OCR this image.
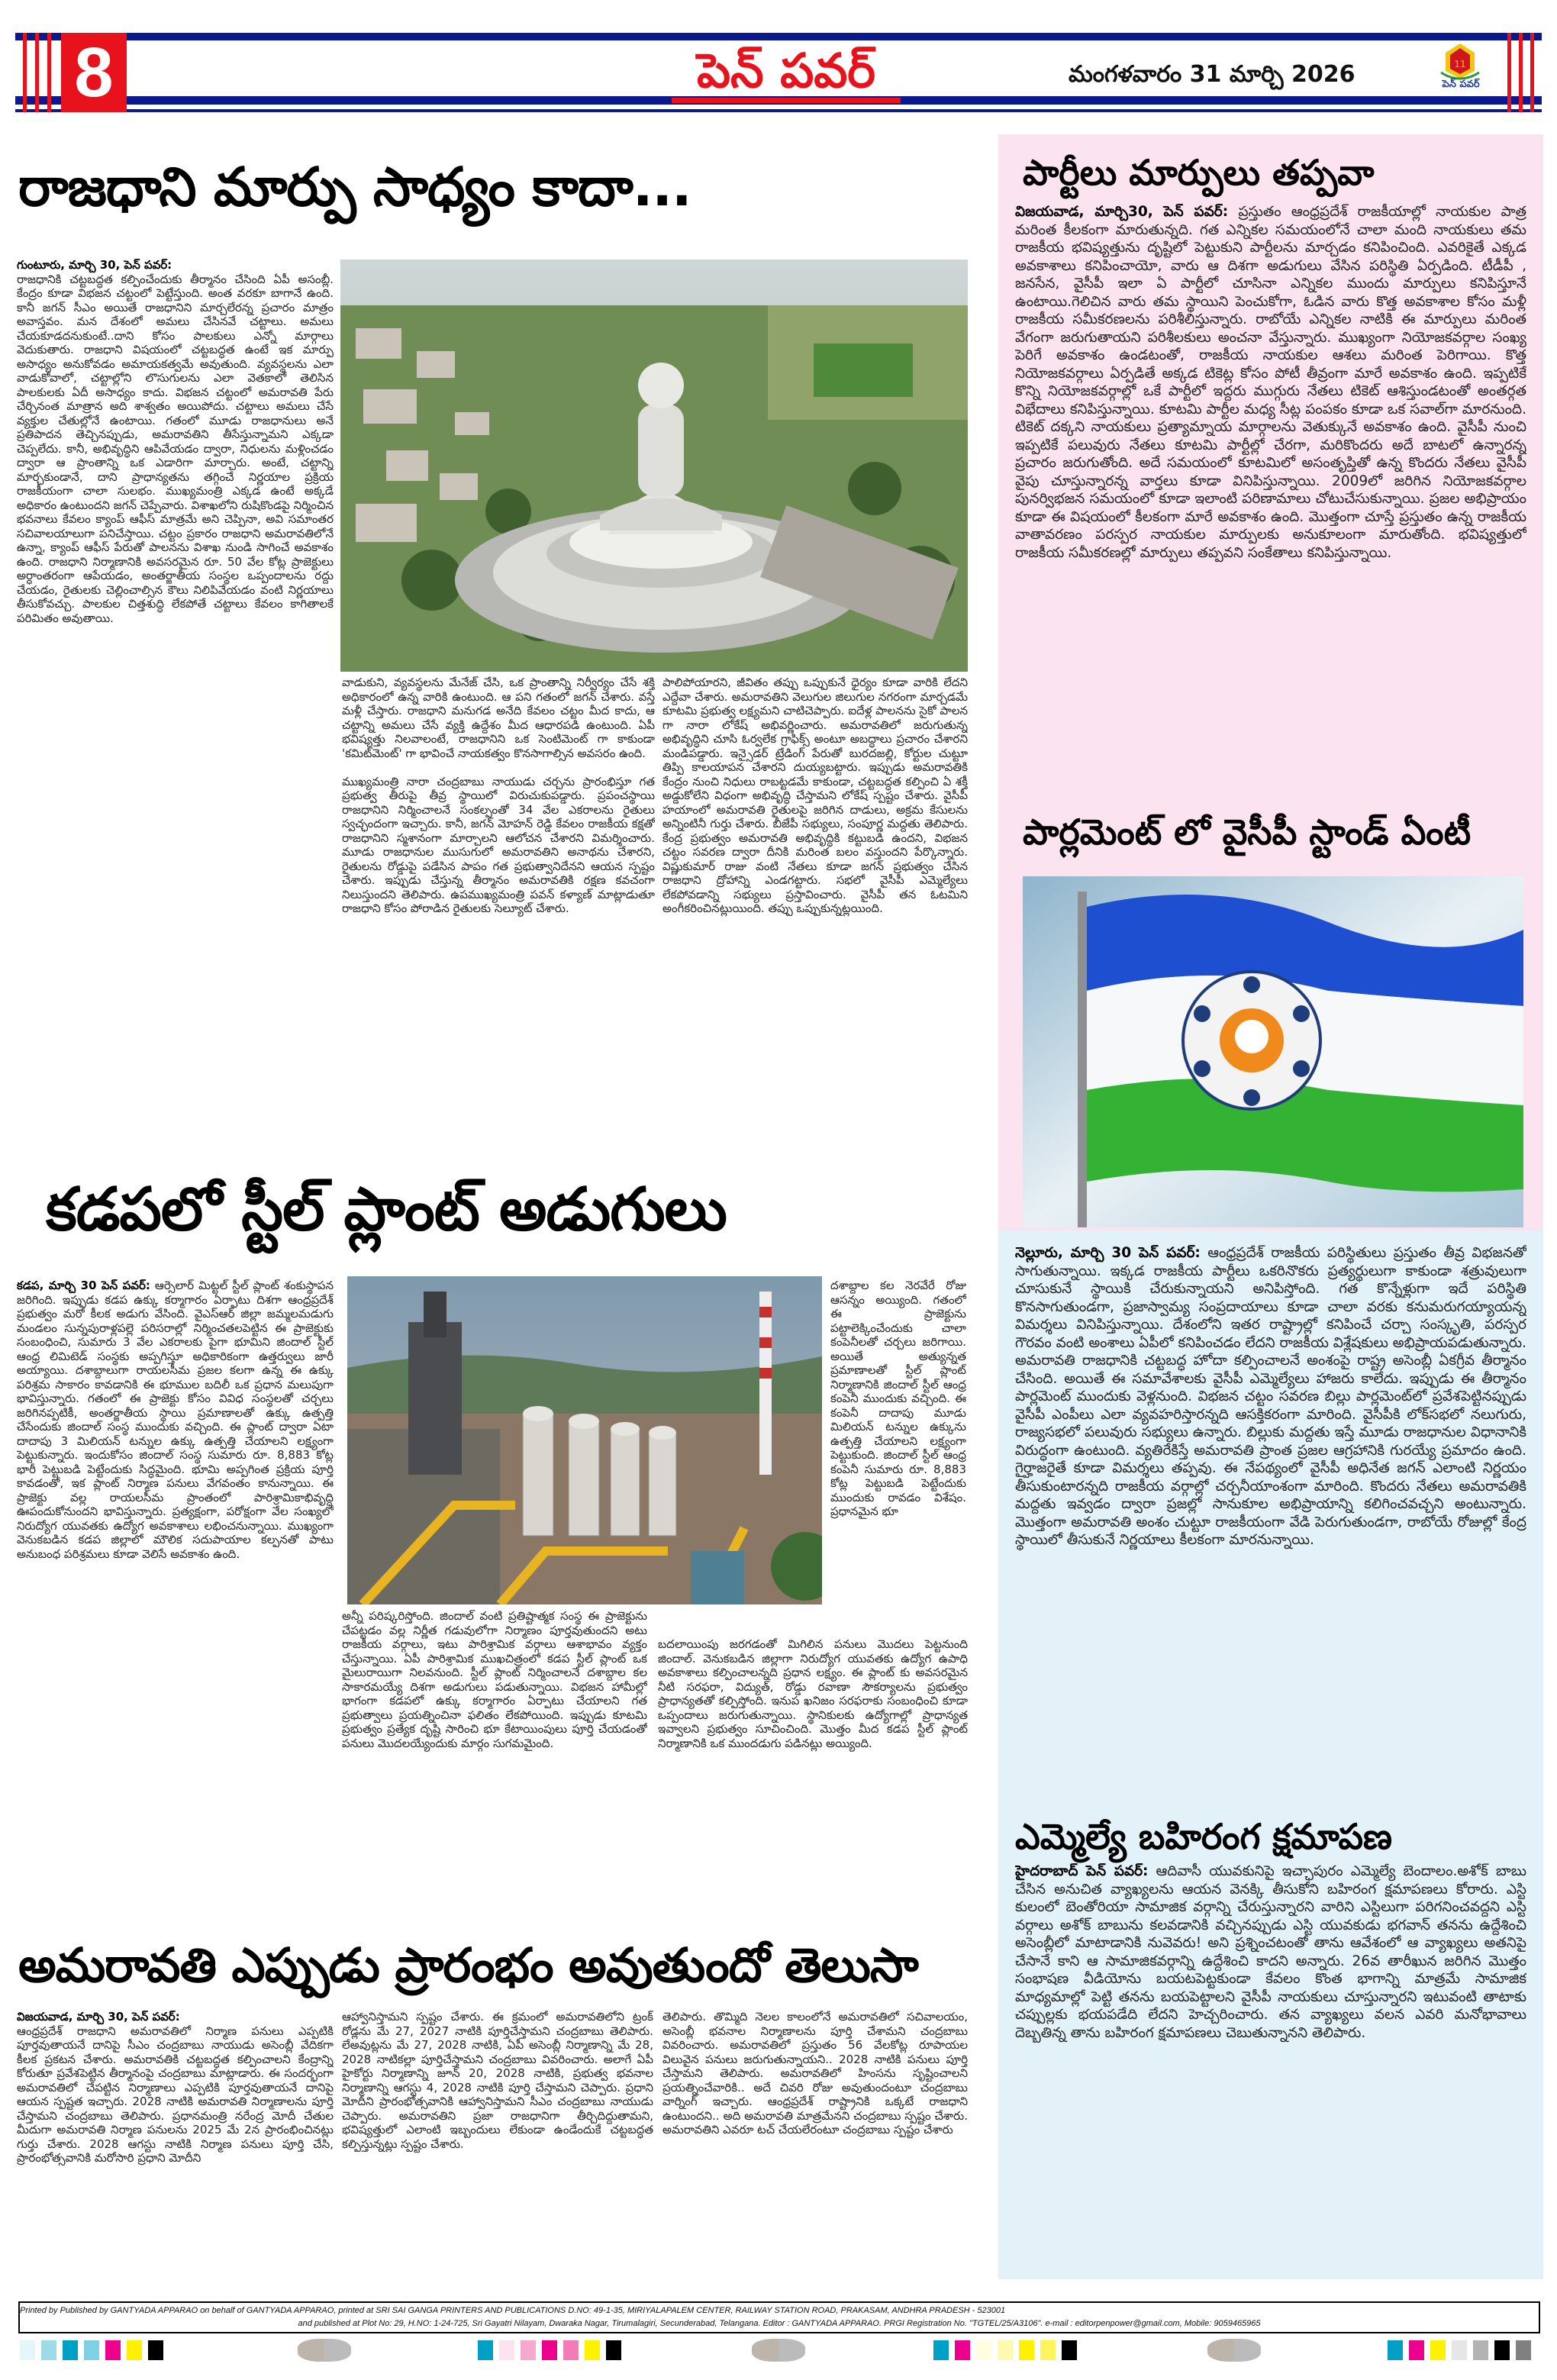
8	పెన్ పవర్	మంగళవారం 31 మార్చి 2026	11
పెన్ పవర్
రాజధాని మార్పు సాధ్యం కాదా...

గుంటూరు, మార్చి 30, పెన్ పవర్:
రాజధానికి చట్టబద్ధత కల్పించేందుకు తీర్మానం చేసింది ఏపీ అసంబ్లీ. కేంద్రం కూడా విభజన చట్టంలో పెట్టేస్తుంది. అంత వరకూ బాగానే ఉంది. కానీ జగన్ సీఎం అయితే రాజధానిని మార్చలేరన్న ప్రచారం మాత్రం అవాస్తవం. మన దేశంలో అమలు చేసినవే చట్టాలు. అమలు చేయకూడదనుకుంటే..దాని కోసం పాలకులు ఎన్నో మార్గాలు వెదుకుతారు. రాజధాని విషయంలో చట్టబద్ధత ఉంటే ఇక మార్పు అసాధ్యం అనుకోవడం అమాయకత్వమే అవుతుంది. వ్యవస్థలను ఎలా వాడుకోవాలో, చట్టాల్లోని లొసుగులను ఎలా వెతకాలో తెలిసిన పాలకులకు ఏదీ అసాధ్యం కాదు. విభజన చట్టంలో అమరావతి పేరు చేర్చినంత మాత్రాన అది శాశ్వతం అయిపోదు. చట్టాలు అమలు చేసే వ్యక్తుల చేతుల్లోనే ఉంటాయి. గతంలో మూడు రాజధానులు అనే ప్రతిపాదన తెచ్చినప్పుడు, అమరావతిని తీసేస్తున్నామని ఎక్కడా చెప్పలేదు. కానీ, అభివృద్ధిని ఆపివేయడం ద్వారా, నిధులను మళ్లించడం ద్వారా ఆ ప్రాంతాన్ని ఒక ఎడారిగా మార్చారు. అంటే, చట్టాన్ని మార్చకుండానే, దాని ప్రాధాన్యతను తగ్గించే నిర్ణయాల ప్రక్రియ రాజకీయంగా చాలా సులభం. ముఖ్యమంత్రి ఎక్కడ ఉంటే అక్కడే అధికారం ఉంటుందని జగన్ చెప్పేవారు. విశాఖలోని రుషికొండపై నిర్మించిన భవనాలు కేవలం క్యాంప్ ఆఫీస్ మాత్రమే అని చెప్పినా, అవి సమాంతర సచివాలయాలుగా పనిచేస్తాయి. చట్టం ప్రకారం రాజధాని అమరావతిలోనే ఉన్నా, క్యాంప్ ఆఫీస్ పేరుతో పాలనను విశాఖ నుండి సాగించే అవకాశం ఉంది. రాజధాని నిర్మాణానికి అవసరమైన రూ. 50 వేల కోట్ల ప్రాజెక్టులు అర్ధాంతరంగా ఆపేయడం, అంతర్జాతీయ సంస్థల ఒప్పందాలను రద్దు చేయడం, రైతులకు చెల్లించాల్సిన కౌలు నిలిపివేయడం వంటి నిర్ణయాలు తీసుకోవచ్చు. పాలకుల చిత్తశుద్ధి లేకపోతే చట్టాలు కేవలం కాగితాలకే పరిమితం అవుతాయి.

వాడుకుని, వ్యవస్థలను మేనేజ్ చేసి, ఒక ప్రాంతాన్ని నిర్వీర్యం చేసే శక్తి అధికారంలో ఉన్న వారికి ఉంటుంది. ఆ పని గతంలో జగన్ చేశారు. వస్తే మళ్లీ చేస్తారు. రాజధాని మనుగడ అనేది కేవలం చట్టం మీద కాదు, ఆ చట్టాన్ని అమలు చేసే వ్యక్తి ఉద్దేశం మీద ఆధారపడి ఉంటుంది. ఏపీ భవిష్యత్తు నిలవాలంటే, రాజధానిని ఒక సెంటిమెంట్ గా కాకుండా 'కమిట్‌మెంట్' గా భావించే నాయకత్వం కొనసాగాల్సిన అవసరం ఉంది.

ముఖ్యమంత్రి నారా చంద్రబాబు నాయుడు చర్చను ప్రారంభిస్తూ గత ప్రభుత్వ తీరుపై తీవ్ర స్థాయిలో విరుచుకుపడ్డారు. ప్రపంచస్థాయి రాజధానిని నిర్మించాలనే సంకల్పంతో 34 వేల ఎకరాలను రైతులు స్వచ్ఛందంగా ఇచ్చారు. కానీ, జగన్ మోహన్ రెడ్డి కేవలం రాజకీయ కక్షతో రాజధానిని స్మశానంగా మార్చాలని ఆలోచన చేశారని విమర్శించారు. మూడు రాజధానుల ముసుగులో అమరావతిని అనాథను చేశారని, రైతులను రోడ్డుపై పడేసిన పాపం గత ప్రభుత్వానిదేనని ఆయన స్పష్టం చేశారు. ఇప్పుడు చేస్తున్న తీర్మానం అమరావతికి రక్షణ కవచంగా నిలుస్తుందని తెలిపారు. ఉపముఖ్యమంత్రి పవన్ కళ్యాణ్ మాట్లాడుతూ రాజధాని కోసం పోరాడిన రైతులకు సెల్యూట్ చేశారు.

పాలిపోయారని, జీవితం తప్పు ఒప్పుకునే ధైర్యం కూడా వారికి లేదని ఎద్దేవా చేశారు. అమరావతిని వెలుగుల జిలుగుల నగరంగా మార్చడమే కూటమి ప్రభుత్వ లక్ష్యమని చాటిచెప్పారు. ఐదేళ్ల పాలనను సైకో పాలన గా నారా లోకేష్ అభివర్ణించారు. అమరావతిలో జరుగుతున్న అభివృద్ధిని చూసి ఓర్వలేక గ్రాఫిక్స్ అంటూ అబద్ధాలు ప్రచారం చేశారని మండిపడ్డారు. ఇన్సైడర్ ట్రేడింగ్ పేరుతో బురదజల్లి, కోర్టుల చుట్టూ తిప్పి కాలయాపన చేశారని దుయ్యబట్టారు. ఇప్పుడు అమరావతికి కేంద్రం నుంచి నిధులు రాబట్టడమే కాకుండా, చట్టబద్ధత కల్పించి ఏ శక్తీ అడ్డుకోలేని విధంగా అభివృద్ధి చేస్తామని లోకేష్ స్పష్టం చేశారు. వైసీపీ హయాంలో అమరావతి రైతులపై జరిగిన దాడులు, అక్రమ కేసులను అన్నింటినీ గుర్తు చేశారు. బీజేపీ సభ్యులు, సంపూర్ణ మద్దతు తెలిపారు. కేంద్ర ప్రభుత్వం అమరావతి అభివృద్ధికి కట్టుబడి ఉందని, విభజన చట్టం సవరణ ద్వారా దీనికి మరింత బలం వస్తుందని పేర్కొన్నారు. విష్ణుకుమార్ రాజు వంటి నేతలు కూడా జగన్ ప్రభుత్వం చేసిన రాజధాని ద్రోహాన్ని ఎండగట్టారు. సభలో వైసీపీ ఎమ్మెల్యేలు లేకపోవడాన్ని సభ్యులు ప్రస్తావించారు. వైసీపీ తన ఓటమిని అంగీకరించినట్లుయింది. తప్పు ఒప్పుకున్నట్లయింది.

కడపలో స్టీల్ ప్లాంట్ అడుగులు

కడప, మార్చి 30 పెన్ పవర్: ఆర్సెలార్ మిట్టల్ స్టీల్ ప్లాంట్ శంకుస్థాపన జరిగింది. ఇప్పుడు కడప ఉక్కు కర్మాగారం ఏర్పాటు దిశగా ఆంధ్రప్రదేశ్ ప్రభుత్వం మరో కీలక అడుగు వేసింది. వైఎస్ఆర్ జిల్లా జమ్మలమడుగు మండలం సున్నపురాళ్లపల్లె పరిసరాల్లో నిర్మించతలపెట్టిన ఈ ప్రాజెక్టుకు సంబంధించి, సుమారు 3 వేల ఎకరాలకు పైగా భూమిని జిందాల్ స్టీల్ ఆంధ్ర లిమిటెడ్ సంస్థకు అప్పగిస్తూ అధికారికంగా ఉత్తర్వులు జారీ అయ్యాయి. దశాబ్దాలుగా రాయలసీమ ప్రజల కలగా ఉన్న ఈ ఉక్కు పరిశ్రమ సాకారం కావడానికి ఈ భూముల బదిలీ ఒక ప్రధాన మలుపుగా భావిస్తున్నారు. గతంలో ఈ ప్రాజెక్టు కోసం వివిధ సంస్థలతో చర్చలు జరిగినప్పటికీ, అంతర్జాతీయ స్థాయి ప్రమాణాలతో ఉక్కు ఉత్పత్తి చేసేందుకు జిందాల్ సంస్థ ముందుకు వచ్చింది. ఈ ప్లాంట్ ద్వారా ఏటా దాదాపు 3 మిలియన్ టన్నుల ఉక్కు ఉత్పత్తి చేయాలని లక్ష్యంగా పెట్టుకున్నారు. ఇందుకోసం జిందాల్ సంస్థ సుమారు రూ. 8,883 కోట్ల భారీ పెట్టుబడి పెట్టేందుకు సిద్ధమైంది. భూమి అప్పగింత ప్రక్రియ పూర్తి కావడంతో, ఇక ప్లాంట్ నిర్మాణ పనులు వేగవంతం కానున్నాయి. ఈ ప్రాజెక్టు వల్ల రాయలసీమ ప్రాంతంలో పారిశ్రామికాభివృద్ధి ఊపందుకోనుందని భావిస్తున్నారు. ప్రత్యక్షంగా, పరోక్షంగా వేల సంఖ్యలో నిరుద్యోగ యువతకు ఉద్యోగ అవకాశాలు లభించనున్నాయి. ముఖ్యంగా వెనుకబడిన కడప జిల్లాలో మౌలిక సదుపాయాల కల్పనతో పాటు అనుబంధ పరిశ్రమలు కూడా వెలిసే అవకాశం ఉంది.

దశాబ్దాల కల నెరవేరే రోజు ఆసన్నం అయ్యింది. గతంలో ఈ ప్రాజెక్టును పట్టాలెక్కించేందుకు చాలా కంపెనీలతో చర్చలు జరిగాయి. అయితే అత్యున్నత ప్రమాణాలతో స్టీల్ ప్లాంట్ నిర్మాణానికి జిందాల్ స్టీల్ ఆంధ్ర కంపెనీ ముందుకు వచ్చింది. ఈ కంపెనీ దాదాపు మూడు మిలియన్ టన్నుల ఉక్కును ఉత్పత్తి చేయాలని లక్ష్యంగా పెట్టుకుంది. జిందాల్ స్టీల్ ఆంధ్ర కంపెనీ సుమారు రూ. 8,883 కోట్ల పెట్టుబడి పెట్టేందుకు ముందుకు రావడం విశేషం. ప్రధానమైన భూ

అన్నీ పరిష్కరిస్తోంది. జిందాల్ వంటి ప్రతిష్టాత్మక సంస్థ ఈ ప్రాజెక్టును చేపట్టడం వల్ల నిర్ణీత గడువులోగా నిర్మాణం పూర్తవుతుందని అటు రాజకీయ వర్గాలు, ఇటు పారిశ్రామిక వర్గాలు ఆశాభావం వ్యక్తం చేస్తున్నాయి. ఏపీ పారిశ్రామిక ముఖచిత్రంలో కడప స్టీల్ ప్లాంట్ ఒక మైలురాయిగా నిలవనుంది. స్టీల్ ప్లాంట్ నిర్మించాలనే దశాబ్దాల కల సాకారమయ్యే దిశగా అడుగులు పడుతున్నాయి. విభజన హామీల్లో భాగంగా కడపలో ఉక్కు కర్మాగారం ఏర్పాటు చేయాలని గత ప్రభుత్వాలు ప్రయత్నించినా ఫలితం లేకపోయింది. ఇప్పుడు కూటమి ప్రభుత్వం ప్రత్యేక దృష్టి సారించి భూ కేటాయింపులు పూర్తి చేయడంతో పనులు మొదలయ్యేందుకు మార్గం సుగమమైంది.

బదలాయింపు జరగడంతో మిగిలిన పనులు మొదలు పెట్టనుంది జిందాల్. వెనుకబడిన జిల్లాగా నిరుద్యోగ యువతకు ఉద్యోగ ఉపాధి అవకాశాలు కల్పించాలన్నది ప్రధాన లక్ష్యం. ఈ ప్లాంట్ కు అవసరమైన నీటి సరఫరా, విద్యుత్, రోడ్డు రవాణా సౌకర్యాలను ప్రభుత్వం ప్రాధాన్యతతో కల్పిస్తోంది. ఇనుప ఖనిజం సరఫరాకు సంబంధించి కూడా ఒప్పందాలు జరుగుతున్నాయి. స్థానికులకు ఉద్యోగాల్లో ప్రాధాన్యత ఇవ్వాలని ప్రభుత్వం సూచించింది. మొత్తం మీద కడప స్టీల్ ప్లాంట్ నిర్మాణానికి ఒక ముందడుగు పడినట్లు అయ్యింది.

అమరావతి ఎప్పుడు ప్రారంభం అవుతుందో తెలుసా

విజయవాడ, మార్చి 30, పెన్ పవర్:
ఆంధ్రప్రదేశ్ రాజధాని అమరావతిలో నిర్మాణ పనులు ఎప్పటికి పూర్తవుతాయనే దానిపై సీఎం చంద్రబాబు నాయుడు అసెంబ్లీ వేదికగా కీలక ప్రకటన చేశారు. అమరావతికి చట్టబద్ధత కల్పించాలని కేంద్రాన్ని కోరుతూ ప్రవేశపెట్టిన తీర్మానంపై చంద్రబాబు మాట్లాడారు. ఈ సందర్భంగా అమరావతిలో చేపట్టిన నిర్మాణాలు ఎప్పటికి పూర్తవుతాయనే దానిపై ఆయన స్పష్టత ఇచ్చారు. 2028 నాటికి అమరావతి నిర్మాణాలను పూర్తి చేస్తామని చంద్రబాబు తెలిపారు. ప్రధానమంత్రి నరేంద్ర మోదీ చేతుల మీదుగా అమరావతి నిర్మాణ పనులను 2025 మే 2న ప్రారంభించినట్లు గుర్తు చేశారు. 2028 ఆగస్టు నాటికి నిర్మాణ పనులు పూర్తి చేసి, ప్రారంభోత్సవానికి మరోసారి ప్రధాని మోదీని

ఆహ్వానిస్తామని స్పష్టం చేశారు. ఈ క్రమంలో అమరావతిలోని ట్రంక్ రోడ్లను మే 27, 2027 నాటికి పూర్తిచేస్తామని చంద్రబాబు తెలిపారు. లేఅవుట్లను మే 27, 2028 నాటికి, ఏపీ అసెంబ్లీ నిర్మాణాన్ని మే 28, 2028 నాటికల్లా పూర్తిచేస్తామని చంద్రబాబు వివరించారు. అలాగే ఏపీ హైకోర్టు నిర్మాణాన్ని జూన్ 20, 2028 నాటికి, ప్రభుత్వ భవనాల నిర్మాణాన్ని ఆగస్టు 4, 2028 నాటికి పూర్తి చేస్తామని చెప్పారు. ప్రధాని మోదీని ప్రారంభోత్సవానికి ఆహ్వానిస్తామని సీఎం చంద్రబాబు నాయుడు చెప్పారు. అమరావతిని ప్రజా రాజధానిగా తీర్చిదిద్దుతామని, భవిష్యత్తులో ఎలాంటి ఇబ్బందులు లేకుండా ఉండేందుకే చట్టబద్ధత కల్పిస్తున్నట్లు స్పష్టం చేశారు.

తెలిపారు. తొమ్మిది నెలల కాలంలోనే అమరావతిలో సచివాలయం, అసెంబ్లీ భవనాల నిర్మాణాలను పూర్తి చేశామని చంద్రబాబు వివరించారు. అమరావతిలో ప్రస్తుతం 56 వేలకోట్ల రూపాయల విలువైన పనులు జరుగుతున్నాయని.. 2028 నాటికి పనులు పూర్తి చేస్తామని తెలిపారు. అమరావతిలో హింసను సృష్టించాలని ప్రయత్నించేవారికి.. అదే చివరి రోజు అవుతుందంటూ చంద్రబాబు వార్నింగ్ ఇచ్చారు. ఆంధ్రప్రదేశ్ రాష్ట్రానికి ఒక్కటే రాజధాని ఉంటుందని.. అది అమరావతి మాత్రమేనని చంద్రబాబు స్పష్టం చేశారు. అమరావతిని ఎవరూ టచ్ చేయలేరంటూ చంద్రబాబు స్పష్టం చేశారు

పార్టీలు మార్పులు తప్పవా

విజయవాడ, మార్చి30, పెన్ పవర్: ప్రస్తుతం ఆంధ్రప్రదేశ్ రాజకీయాల్లో నాయకుల పాత్ర మరింత కీలకంగా మారుతున్నది. గత ఎన్నికల సమయంలోనే చాలా మంది నాయకులు తమ రాజకీయ భవిష్యత్తును దృష్టిలో పెట్టుకుని పార్టీలను మార్చడం కనిపించింది. ఎవరికైతే ఎక్కడ అవకాశాలు కనిపించాయో, వారు ఆ దిశగా అడుగులు వేసిన పరిస్థితి ఏర్పడింది. టీడీపీ , జనసేన, వైసీపీ ఇలా ఏ పార్టీలో చూసినా ఎన్నికల ముందు మార్పులు కనిపిస్తూనే ఉంటాయి.గెలిచిన వారు తమ స్థాయిని పెంచుకోగా, ఓడిన వారు కొత్త అవకాశాల కోసం మళ్లీ రాజకీయ సమీకరణలను పరిశీలిస్తున్నారు. రాబోయే ఎన్నికల నాటికి ఈ మార్పులు మరింత వేగంగా జరుగుతాయని పరిశీలకులు అంచనా వేస్తున్నారు. ముఖ్యంగా నియోజకవర్గాల సంఖ్య పెరిగే అవకాశం ఉండటంతో, రాజకీయ నాయకుల ఆశలు మరింత పెరిగాయి. కొత్త నియోజకవర్గాలు ఏర్పడితే అక్కడ టికెట్ల కోసం పోటీ తీవ్రంగా మారే అవకాశం ఉంది. ఇప్పటికే కొన్ని నియోజకవర్గాల్లో ఒకే పార్టీలో ఇద్దరు ముగ్గురు నేతలు టికెట్ ఆశిస్తుండటంతో అంతర్గత విభేదాలు కనిపిస్తున్నాయి. కూటమి పార్టీల మధ్య సీట్ల పంపకం కూడా ఒక సవాల్‌గా మారనుంది. టికెట్ దక్కని నాయకులు ప్రత్యామ్నాయ మార్గాలను వెతుక్కునే అవకాశం ఉంది. వైసీపీ నుంచి ఇప్పటికే పలువురు నేతలు కూటమి పార్టీల్లో చేరగా, మరికొందరు అదే బాటలో ఉన్నారన్న ప్రచారం జరుగుతోంది. అదే సమయంలో కూటమిలో అసంతృప్తితో ఉన్న కొందరు నేతలు వైసీపీ వైపు చూస్తున్నారన్న వార్తలు కూడా వినిపిస్తున్నాయి. 2009లో జరిగిన నియోజకవర్గాల పునర్విభజన సమయంలో కూడా ఇలాంటి పరిణామాలు చోటుచేసుకున్నాయి. ప్రజల అభిప్రాయం కూడా ఈ విషయంలో కీలకంగా మారే అవకాశం ఉంది. మొత్తంగా చూస్తే ప్రస్తుతం ఉన్న రాజకీయ వాతావరణం పరస్పర నాయకుల మార్పులకు అనుకూలంగా మారుతోంది. భవిష్యత్తులో రాజకీయ సమీకరణల్లో మార్పులు తప్పవని సంకేతాలు కనిపిస్తున్నాయి.

పార్లమెంట్ లో వైసీపీ స్టాండ్ ఏంటీ

నెల్లూరు, మార్చి 30 పెన్ పవర్: ఆంధ్రప్రదేశ్ రాజకీయ పరిస్థితులు ప్రస్తుతం తీవ్ర విభజనతో సాగుతున్నాయి. ఇక్కడ రాజకీయ పార్టీలు ఒకరినొకరు ప్రత్యర్థులుగా కాకుండా శత్రువులుగా చూసుకునే స్థాయికి చేరుకున్నాయని అనిపిస్తోంది. గత కొన్నేళ్లుగా ఇదే పరిస్థితి కొనసాగుతుండగా, ప్రజాస్వామ్య సంప్రదాయాలు కూడా చాలా వరకు కనుమరుగయ్యాయన్న విమర్శలు వినిపిస్తున్నాయి. దేశంలోని ఇతర రాష్ట్రాల్లో కనిపించే చర్చా సంస్కృతి, పరస్పర గౌరవం వంటి అంశాలు ఏపీలో కనిపించడం లేదని రాజకీయ విశ్లేషకులు అభిప్రాయపడుతున్నారు. అమరావతి రాజధానికి చట్టబద్ధ హోదా కల్పించాలనే అంశంపై రాష్ట్ర అసెంబ్లీ ఏకగ్రీవ తీర్మానం చేసింది. అయితే ఈ సమావేశాలకు వైసీపీ ఎమ్మెల్యేలు హాజరు కాలేదు. ఇప్పుడు ఈ తీర్మానం పార్లమెంట్ ముందుకు వెళ్లనుంది. విభజన చట్టం సవరణ బిల్లు పార్లమెంట్‌లో ప్రవేశపెట్టినప్పుడు వైసీపీ ఎంపీలు ఎలా వ్యవహరిస్తారన్నది ఆసక్తికరంగా మారింది. వైసీపీకి లోక్‌సభలో నలుగురు, రాజ్యసభలో పలువురు సభ్యులు ఉన్నారు. బిల్లుకు మద్దతు ఇస్తే మూడు రాజధానుల విధానానికి విరుద్ధంగా ఉంటుంది. వ్యతిరేకిస్తే అమరావతి ప్రాంత ప్రజల ఆగ్రహానికి గురయ్యే ప్రమాదం ఉంది. గైర్హాజరైతే కూడా విమర్శలు తప్పవు. ఈ నేపథ్యంలో వైసీపీ అధినేత జగన్ ఎలాంటి నిర్ణయం తీసుకుంటారన్నది రాజకీయ వర్గాల్లో చర్చనీయాంశంగా మారింది. కొందరు నేతలు అమరావతికి మద్దతు ఇవ్వడం ద్వారా ప్రజల్లో సానుకూల అభిప్రాయాన్ని కలిగించవచ్చని అంటున్నారు. మొత్తంగా అమరావతి అంశం చుట్టూ రాజకీయంగా వేడి పెరుగుతుండగా, రాబోయే రోజుల్లో కేంద్ర స్థాయిలో తీసుకునే నిర్ణయాలు కీలకంగా మారనున్నాయి.

ఎమ్మెల్యే బహిరంగ క్షమాపణ

హైదరాబాద్ పెన్ పవర్: ఆదివాసీ యువకునిపై ఇచ్ఛాపురం ఎమ్మెల్యే బెందాలం.అశోక్ బాబు చేసిన అనుచిత వ్యాఖ్యలను ఆయన వెనక్కి తీసుకోని బహిరంగ క్షమాపణలు కోరారు. ఎస్టి కులంలో బెంతోరియా సామాజిక వర్గాన్ని చేరుస్తున్నారని వారిని ఎస్టిలుగా పరిగనించవద్దని ఎస్టి వర్గాలు అశోక్ బాబును కలవడానికి వచ్చినప్పుడు ఎస్టి యువకుడు భగవాన్ తనను ఉద్దేశించి అసెంబ్లీలో మాటాడానికి నువెవరు! అని ప్రశ్నించటంతో తాను ఆవేశంలో ఆ వ్యాఖ్యలు అతనిపై చేసానే కాని ఆ సామాజికవర్గాన్ని ఉద్దేశించి కాదని అన్నారు. 26వ తారీఖున జరిగిన మొత్తం సంభాషణ వీడియోను బయటపెట్టకుండా కేవలం కొంత భాగాన్ని మాత్రమే సామాజిక మాధ్యమాల్లో పెట్టి తనను బయపెట్టాలని వైసీపీ నాయకులు చూస్తున్నారని ఇటువంటి తాటాకు చప్పుల్లకు భయపడేది లేదని హెచ్చరించారు. తన వ్యాఖ్యలు వలన ఎవరి మనోభావాలు దెబ్బతిన్న తాను బహిరంగ క్షమాపణలు చెబుతున్నానని తెలిపారు.

Printed by Published by GANTYADA APPARAO on behalf of GANTYADA APPARAO, printed at SRI SAI GANGA PRINTERS AND PUBLICATIONS D.NO: 49-1-35, MIRIYALAPALEM CENTER, RAILWAY STATION ROAD, PRAKASAM, ANDHRA PRADESH - 523001
and published at Plot No: 29, H.NO: 1-24-725, Sri Gayatri Nilayam, Dwaraka Nagar, Tirumalagiri, Secunderabad, Telangana. Editor : GANTYADA APPARAO. PRGI Registration No. "TGTEL/25/A3106". e-mail : editorpenpower@gmail.com, Mobile: 9059465965
